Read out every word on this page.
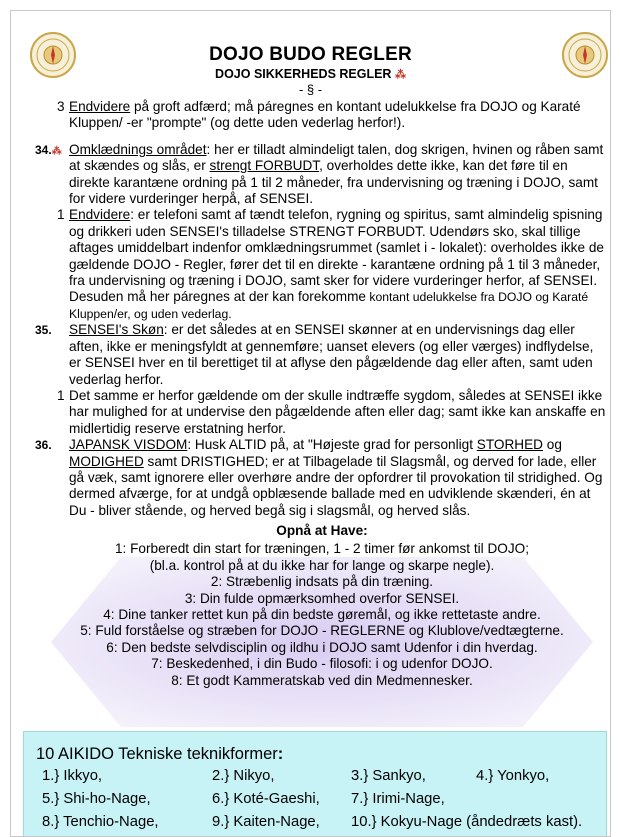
DOJO BUDO REGLER
DOJO SIKKERHEDS REGLER ⁂
- § -
3 Endvidere på groft adfærd; må páregnes en kontant udelukkelse fra DOJO og Karaté Kluppen/ -er "prompte" (og dette uden vederlag herfor!).
34.⁂ Omklædnings området: her er tilladt almindeligt talen, dog skrigen, hvinen og råben samt at skændes og slås, er strengt FORBUDT, overholdes dette ikke, kan det føre til en direkte karantæne ordning på 1 til 2 måneder, fra undervisning og træning i DOJO, samt for videre vurderinger herpå, af SENSEI.
1 Endvidere: er telefoni samt af tændt telefon, rygning og spiritus, samt almindelig spisning og drikkeri uden SENSEI's tilladelse STRENGT FORBUDT. Udendørs sko, skal tillige aftages umiddelbart indenfor omklædningsrummet (samlet i - lokalet): overholdes ikke de gældende DOJO - Regler, fører det til en direkte - karantæne ordning på 1 til 3 måneder, fra undervisning og træning i DOJO, samt sker for videre vurderinger herfor, af SENSEI. Desuden må her páregnes at der kan forekomme kontant udelukkelse fra DOJO og Karaté Kluppen/er, og uden vederlag.
35. SENSEI's Skøn: er det således at en SENSEI skønner at en undervisnings dag eller aften, ikke er meningsfyldt at gennemføre; uanset elevers (og eller værges) indflydelse, er SENSEI hver en til berettiget til at aflyse den pågældende dag eller aften, samt uden vederlag herfor.
1 Det samme er herfor gældende om der skulle indtræffe sygdom, således at SENSEI ikke har mulighed for at undervise den pågældende aften eller dag; samt ikke kan anskaffe en midlertidig reserve erstatning herfor.
36. JAPANSK VISDOM: Husk ALTID på, at "Højeste grad for personligt STORHED og MODIGHED samt DRISTIGHED; er at Tilbagelade til Slagsmål, og derved for lade, eller gå væk, samt ignorere eller overhøre andre der opfordrer til provokation til stridighed. Og dermed afværge, for at undgå opblæsende ballade med en udviklende skænderi, én at Du - bliver stående, og herved begå sig i slagsmål, og herved slås.
Opnå at Have:
1: Forberedt din start for træningen, 1 - 2 timer før ankomst til DOJO;
(bl.a. kontrol på at du ikke har for lange og skarpe negle).
2: Stræbenlig indsats på din træning.
3: Din fulde opmærksomhed overfor SENSEI.
4: Dine tanker rettet kun på din bedste gøremål, og ikke rettetaste andre.
5: Fuld forståelse og stræben for DOJO - REGLERNE og Klublove/vedtægterne.
6: Den bedste selvdisciplin og ildhu i DOJO samt Udenfor i din hverdag.
7: Beskedenhed, i din Budo - filosofi: i og udenfor DOJO.
8: Et godt Kammeratskab ved din Medmennesker.
10 AIKIDO Tekniske teknikformer:
1.} Ikkyo,	2.} Nikyo,	3.} Sankyo,	4.} Yonkyo,
5.} Shi-ho-Nage,	6.} Koté-Gaeshi, 7.} Irimi-Nage,
8.} Tenchio-Nage,	9.} Kaiten-Nage, 10.} Kokyu-Nage (åndedræts kast).
